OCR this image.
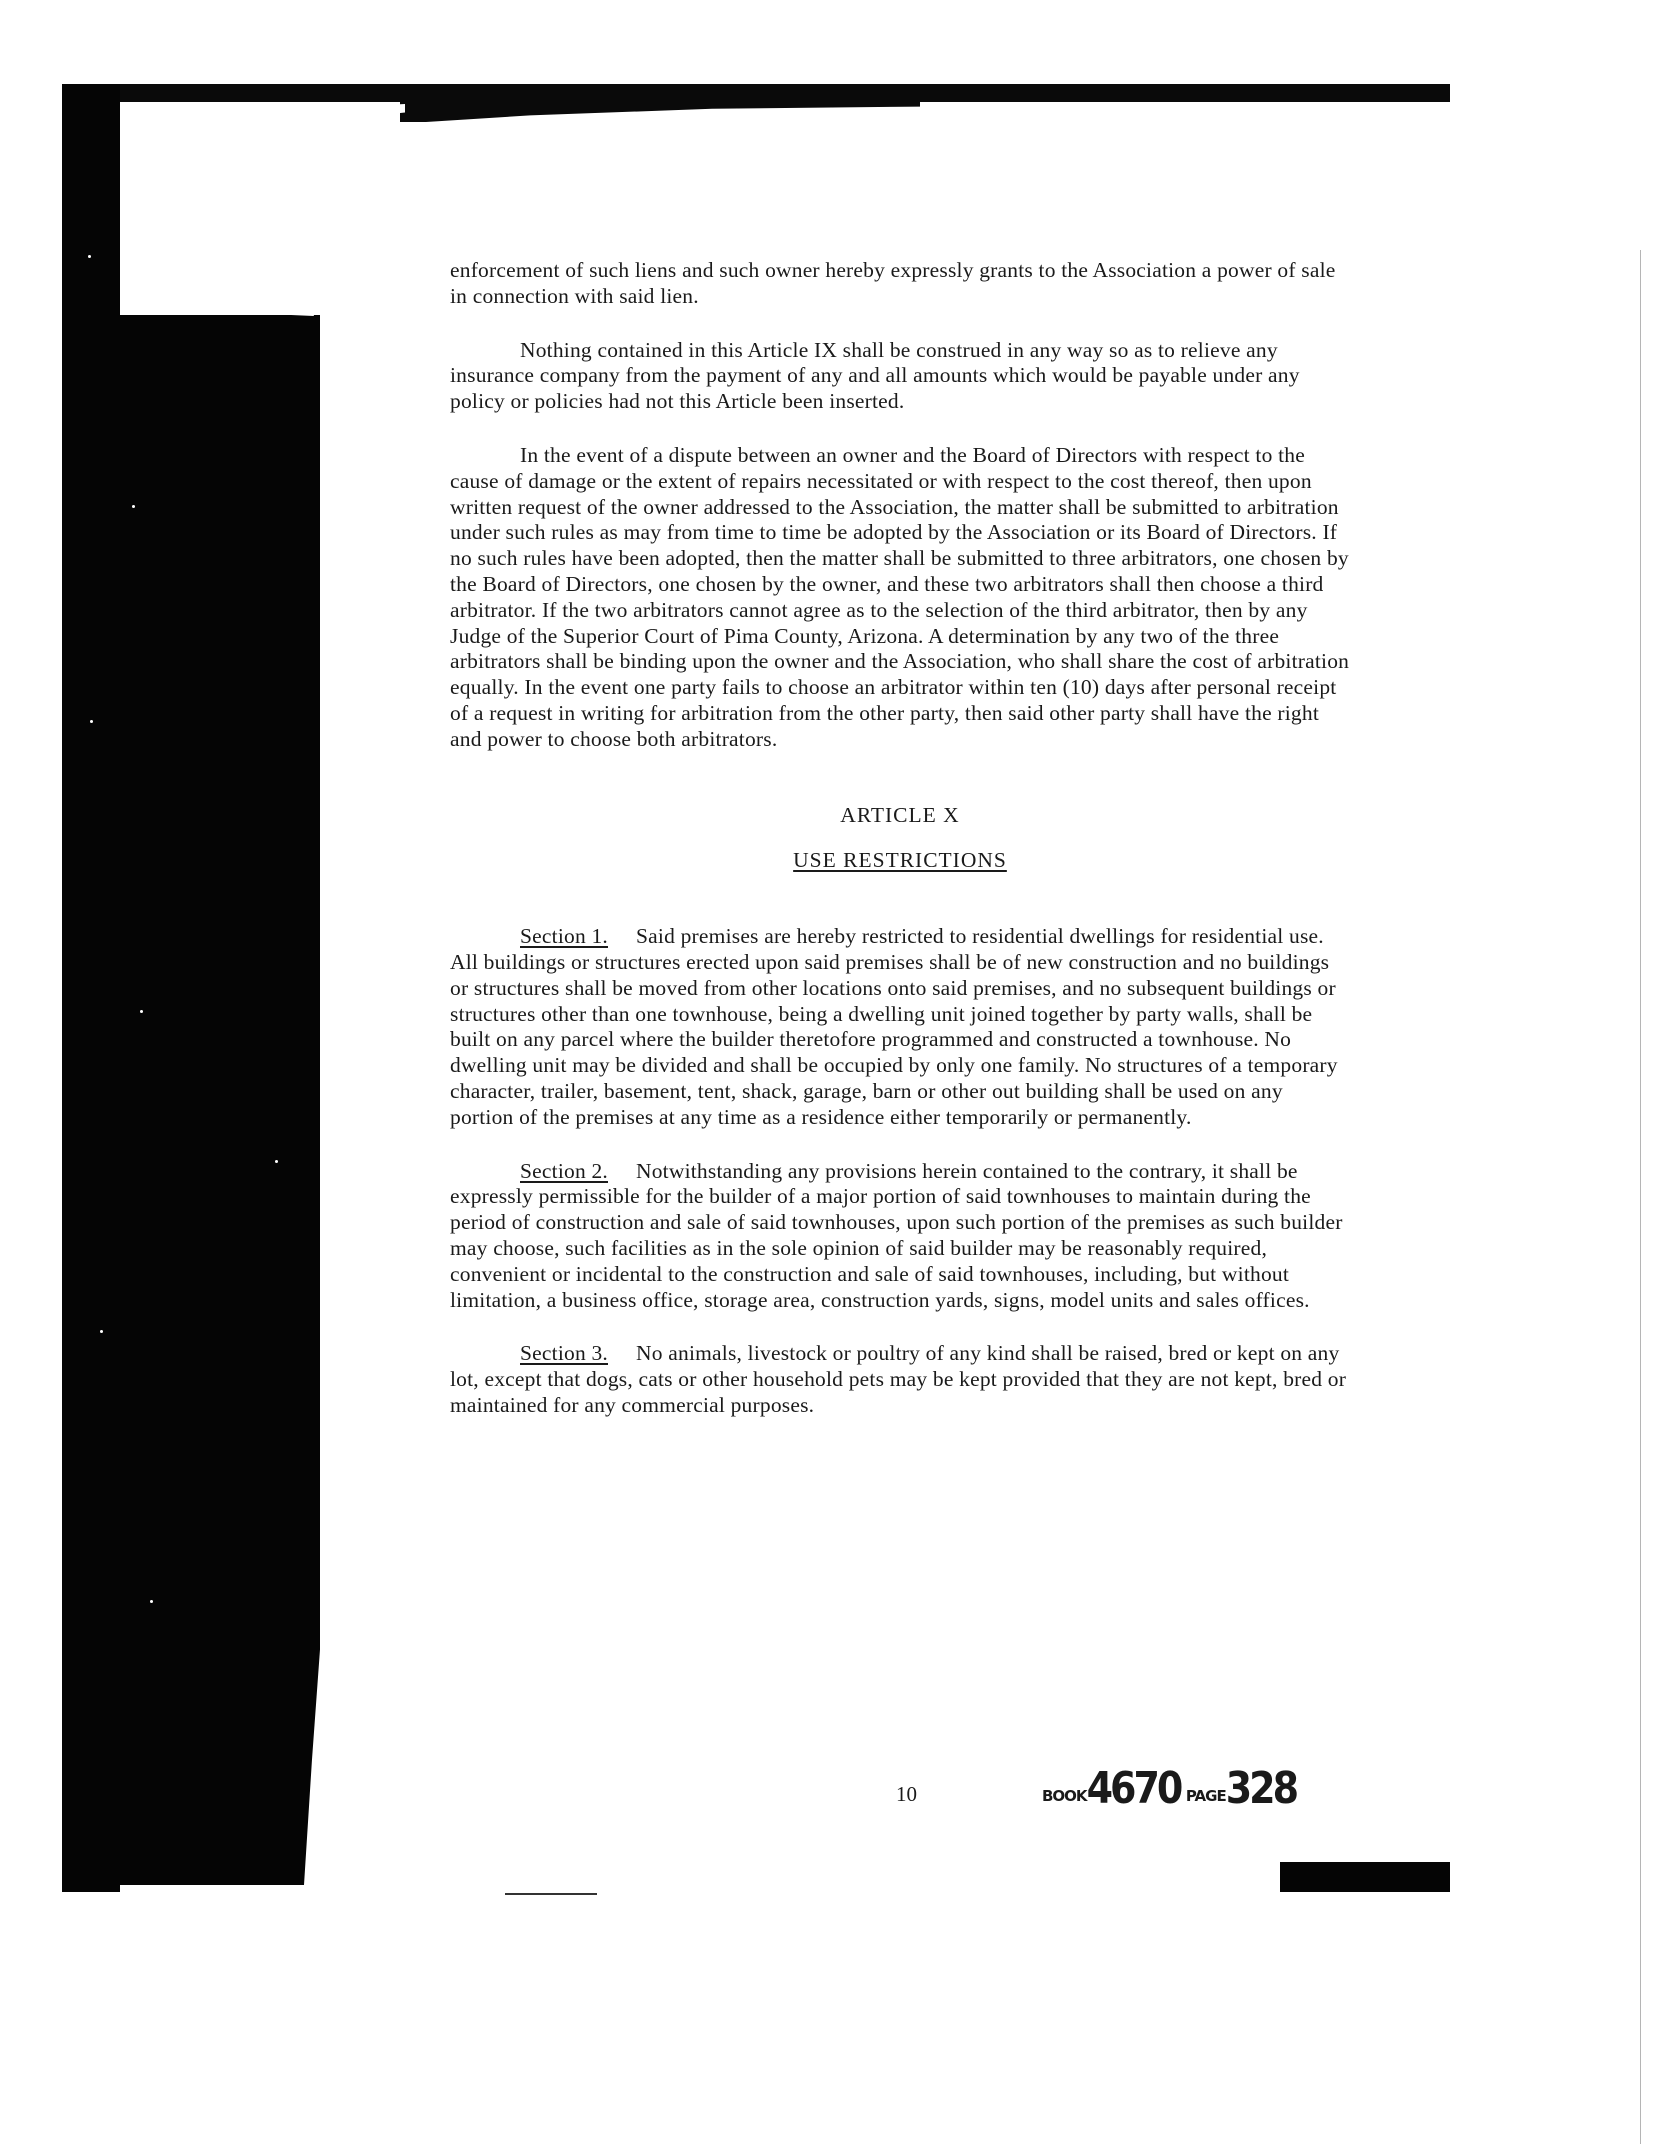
enforcement of such liens and such owner hereby expressly grants to the Association a power of sale in connection with said lien.

Nothing contained in this Article IX shall be construed in any way so as to relieve any insurance company from the payment of any and all amounts which would be payable under any policy or policies had not this Article been inserted.

In the event of a dispute between an owner and the Board of Directors with respect to the cause of damage or the extent of repairs necessitated or with respect to the cost thereof, then upon written request of the owner addressed to the Association, the matter shall be submitted to arbitration under such rules as may from time to time be adopted by the Association or its Board of Directors. If no such rules have been adopted, then the matter shall be submitted to three arbitrators, one chosen by the Board of Directors, one chosen by the owner, and these two arbitrators shall then choose a third arbitrator. If the two arbitrators cannot agree as to the selection of the third arbitrator, then by any Judge of the Superior Court of Pima County, Arizona. A determination by any two of the three arbitrators shall be binding upon the owner and the Association, who shall share the cost of arbitration equally. In the event one party fails to choose an arbitrator within ten (10) days after personal receipt of a request in writing for arbitration from the other party, then said other party shall have the right and power to choose both arbitrators.

ARTICLE X

USE RESTRICTIONS

Section 1. Said premises are hereby restricted to residential dwellings for residential use. All buildings or structures erected upon said premises shall be of new construction and no buildings or structures shall be moved from other locations onto said premises, and no subsequent buildings or structures other than one townhouse, being a dwelling unit joined together by party walls, shall be built on any parcel where the builder theretofore programmed and constructed a townhouse. No dwelling unit may be divided and shall be occupied by only one family. No structures of a temporary character, trailer, basement, tent, shack, garage, barn or other out building shall be used on any portion of the premises at any time as a residence either temporarily or permanently.

Section 2. Notwithstanding any provisions herein contained to the contrary, it shall be expressly permissible for the builder of a major portion of said townhouses to maintain during the period of construction and sale of said townhouses, upon such portion of the premises as such builder may choose, such facilities as in the sole opinion of said builder may be reasonably required, convenient or incidental to the construction and sale of said townhouses, including, but without limitation, a business office, storage area, construction yards, signs, model units and sales offices.

Section 3. No animals, livestock or poultry of any kind shall be raised, bred or kept on any lot, except that dogs, cats or other household pets may be kept provided that they are not kept, bred or maintained for any commercial purposes.

10	BOOK4670 PAGE328
